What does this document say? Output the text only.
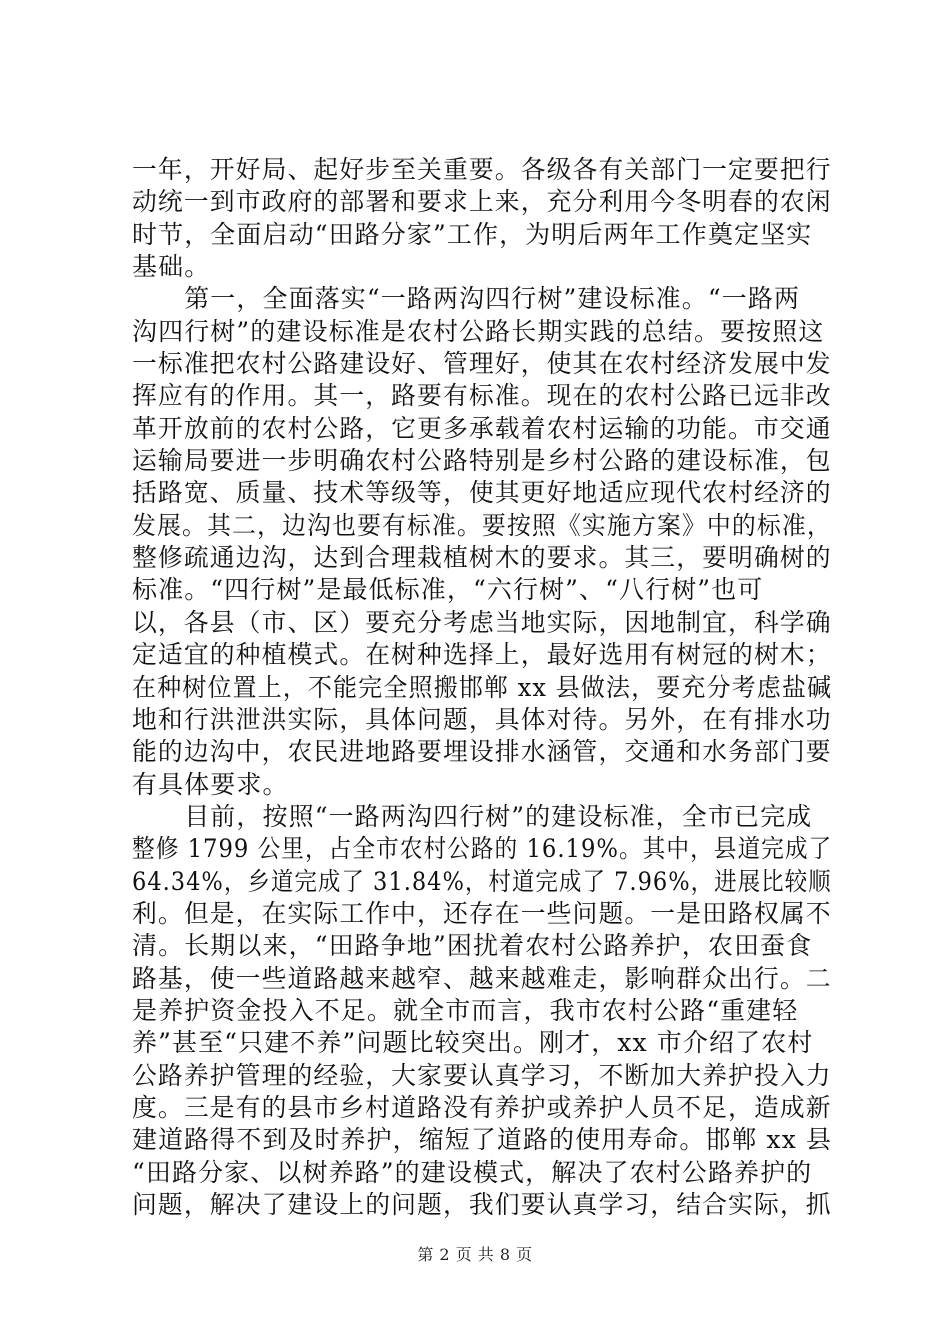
一年，开好局、起好步至关重要。各级各有关部门一定要把行
动统一到市政府的部署和要求上来，充分利用今冬明春的农闲
时节，全面启动“田路分家”工作，为明后两年工作奠定坚实
基础。
　　第一，全面落实“一路两沟四行树”建设标准。“一路两
沟四行树”的建设标准是农村公路长期实践的总结。要按照这
一标准把农村公路建设好、管理好，使其在农村经济发展中发
挥应有的作用。其一，路要有标准。现在的农村公路已远非改
革开放前的农村公路，它更多承载着农村运输的功能。市交通
运输局要进一步明确农村公路特别是乡村公路的建设标准，包
括路宽、质量、技术等级等，使其更好地适应现代农村经济的
发展。其二，边沟也要有标准。要按照《实施方案》中的标准，
整修疏通边沟，达到合理栽植树木的要求。其三，要明确树的
标准。“四行树”是最低标准，“六行树”、“八行树”也可
以，各县（市、区）要充分考虑当地实际，因地制宜，科学确
定适宜的种植模式。在树种选择上，最好选用有树冠的树木；
在种树位置上，不能完全照搬邯郸 xx 县做法，要充分考虑盐碱
地和行洪泄洪实际，具体问题，具体对待。另外，在有排水功
能的边沟中，农民进地路要埋设排水涵管，交通和水务部门要
有具体要求。
　　目前，按照“一路两沟四行树”的建设标准，全市已完成
整修 1799 公里，占全市农村公路的 16.19%。其中，县道完成了
64.34%，乡道完成了 31.84%，村道完成了 7.96%，进展比较顺
利。但是，在实际工作中，还存在一些问题。一是田路权属不
清。长期以来，“田路争地”困扰着农村公路养护，农田蚕食
路基，使一些道路越来越窄、越来越难走，影响群众出行。二
是养护资金投入不足。就全市而言，我市农村公路“重建轻
养”甚至“只建不养”问题比较突出。刚才，xx 市介绍了农村
公路养护管理的经验，大家要认真学习，不断加大养护投入力
度。三是有的县市乡村道路没有养护或养护人员不足，造成新
建道路得不到及时养护，缩短了道路的使用寿命。邯郸 xx 县
“田路分家、以树养路”的建设模式，解决了农村公路养护的
问题，解决了建设上的问题，我们要认真学习，结合实际，抓
第 2 页 共 8 页
